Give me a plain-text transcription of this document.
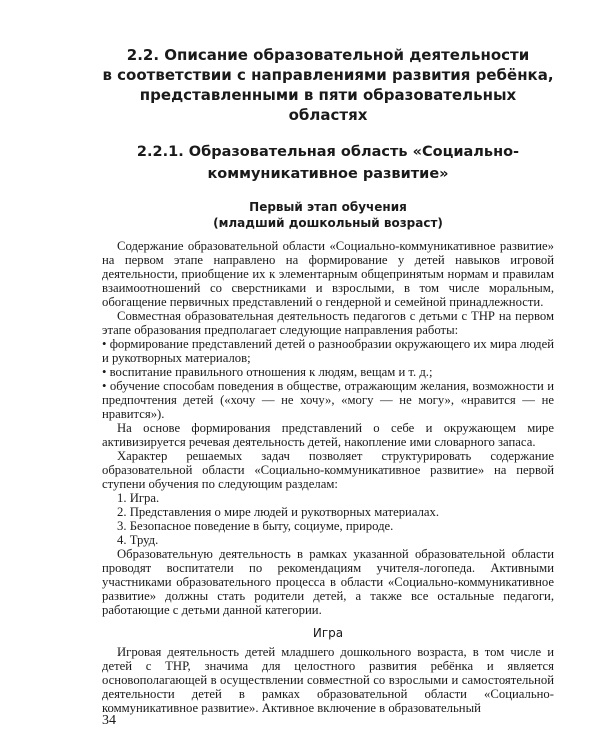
2.2. Описание образовательной деятельности
в соответствии с направлениями развития ребёнка,
представленными в пяти образовательных областях
2.2.1. Образовательная область «Социально-
коммуникативное развитие»
Первый этап обучения
(младший дошкольный возраст)

Содержание образовательной области «Социально-коммуникативное развитие» на первом этапе направлено на формирование у детей навыков игровой деятельности, приобщение их к элементарным общепринятым нормам и правилам взаимоотношений со сверстниками и взрослыми, в том числе моральным, обогащение первичных представлений о гендерной и семейной принадлежности.

Совместная образовательная деятельность педагогов с детьми с ТНР на первом этапе образования предполагает следующие направления работы:

• формирование представлений детей о разнообразии окружающего их мира людей и рукотворных материалов;

• воспитание правильного отношения к людям, вещам и т. д.;

• обучение способам поведения в обществе, отражающим желания, возможности и предпочтения детей («хочу — не хочу», «могу — не могу», «нравится — не нравится»).

На основе формирования представлений о себе и окружающем мире активизируется речевая деятельность детей, накопление ими словарного запаса.

Характер решаемых задач позволяет структурировать содержание образовательной области «Социально-коммуникативное развитие» на первой ступени обучения по следующим разделам:

1. Игра.

2. Представления о мире людей и рукотворных материалах.

3. Безопасное поведение в быту, социуме, природе.

4. Труд.

Образовательную деятельность в рамках указанной образовательной области проводят воспитатели по рекомендациям учителя-логопеда. Активными участниками образовательного процесса в области «Социально-коммуникативное развитие» должны стать родители детей, а также все остальные педагоги, работающие с детьми данной категории.

Игра

Игровая деятельность детей младшего дошкольного возраста, в том числе и детей с ТНР, значима для целостного развития ребёнка и является основополагающей в осуществлении совместной со взрослыми и самостоятельной деятельности детей в рамках образовательной области «Социально-коммуникативное развитие». Активное включение в образовательный

34
